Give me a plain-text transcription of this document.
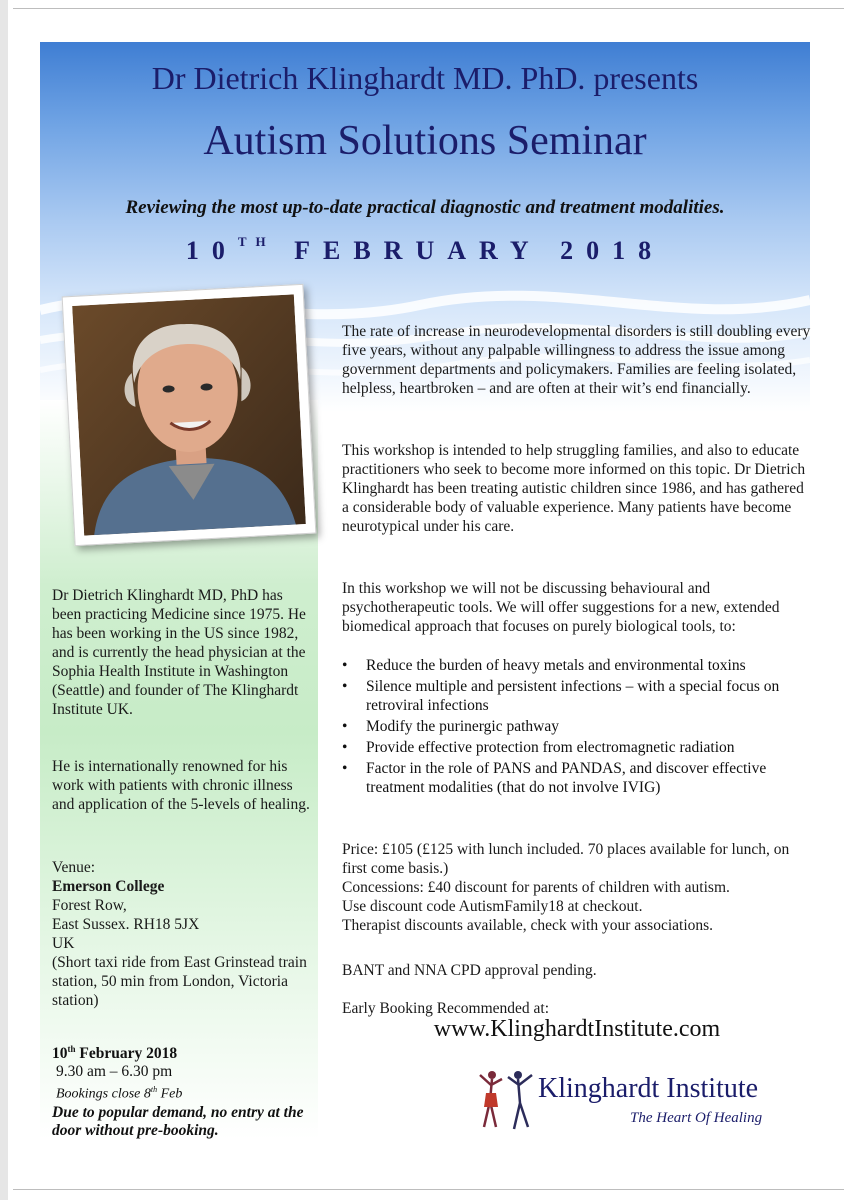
Dr Dietrich Klinghardt MD. PhD. presents
Autism Solutions Seminar
Reviewing the most up-to-date practical diagnostic and treatment modalities.
10TH FEBRUARY 2018
The rate of increase in neurodevelopmental disorders is still doubling every five years, without any palpable willingness to address the issue among government departments and policymakers. Families are feeling isolated, helpless, heartbroken – and are often at their wit’s end financially.
This workshop is intended to help struggling families, and also to educate practitioners who seek to become more informed on this topic. Dr Dietrich Klinghardt has been treating autistic children since 1986, and has gathered a considerable body of valuable experience. Many patients have become neurotypical under his care.
In this workshop we will not be discussing behavioural and psychotherapeutic tools. We will offer suggestions for a new, extended biomedical approach that focuses on purely biological tools, to:
• Reduce the burden of heavy metals and environmental toxins
• Silence multiple and persistent infections – with a special focus on retroviral infections
• Modify the purinergic pathway
• Provide effective protection from electromagnetic radiation
• Factor in the role of PANS and PANDAS, and discover effective treatment modalities (that do not involve IVIG)
Price: £105 (£125 with lunch included. 70 places available for lunch, on first come basis.)
Concessions: £40 discount for parents of children with autism.
Use discount code AutismFamily18 at checkout.
Therapist discounts available, check with your associations.
BANT and NNA CPD approval pending.
Early Booking Recommended at:
www.KlinghardtInstitute.com
Dr Dietrich Klinghardt MD, PhD has been practicing Medicine since 1975. He has been working in the US since 1982, and is currently the head physician at the Sophia Health Institute in Washington (Seattle) and founder of The Klinghardt Institute UK.
He is internationally renowned for his work with patients with chronic illness and application of the 5-levels of healing.
Venue:
Emerson College
Forest Row,
East Sussex. RH18 5JX
UK
(Short taxi ride from East Grinstead train station, 50 min from London, Victoria station)
10th February 2018
9.30 am – 6.30 pm
Bookings close 8th Feb
Due to popular demand, no entry at the door without pre-booking.
Klinghardt Institute
The Heart Of Healing
